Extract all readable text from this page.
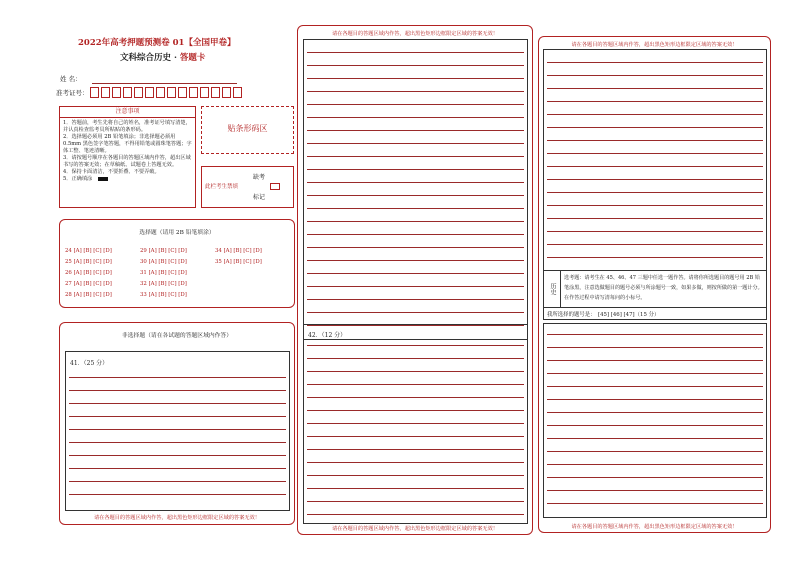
2022年高考押题预测卷 01【全国甲卷】
文科综合历史 · 答题卡
姓 名：
准考证号：
注意事项
1．答题前，考生先将自己的姓名，准考证号填写清楚，并认真检查监考员所粘贴的条形码。
2．选择题必须用 2B 铅笔填涂；非选择题必须用 0.5mm 黑色签字笔答题，不得用铅笔或圆珠笔答题；字体工整、笔迹清晰。
3．请按题号顺序在各题目的答题区域内作答，超出区域书写的答案无效；在草稿纸、试题卷上答题无效。
4．保持卡面清洁，不要折叠、不要弄破。
5．正确填涂
贴条形码区
此栏考生禁填
缺考
标记
选择题（请用 2B 铅笔填涂）
24 [A] [B] [C] [D]
25 [A] [B] [C] [D]
26 [A] [B] [C] [D]
27 [A] [B] [C] [D]
28 [A] [B] [C] [D]
29 [A] [B] [C] [D]
30 [A] [B] [C] [D]
31 [A] [B] [C] [D]
32 [A] [B] [C] [D]
33 [A] [B] [C] [D]
34 [A] [B] [C] [D]
35 [A] [B] [C] [D]
非选择题（请在各试题的答题区域内作答）
41．（25 分）
请在各题目的答题区域内作答，超出黑色矩形边框限定区域的答案无效！
请在各题目的答题区域内作答，超出黑色矩形边框限定区域的答案无效！
42．（12 分）
请在各题目的答题区域内作答，超出黑色矩形边框限定区域的答案无效！
请在各题目的答题区域内作答，超出黑色矩形边框限定区域的答案无效！
历史
选考题：请考生在 45、46、47 三题中任选一题作答。请将你所选题目的题号用 2B 铅笔涂黑，注意选做题目的题号必须与所涂题号一致，如果多做，则按所做的第一题计分。在作答过程中请写清每问的小标号。
我所选择的题号是： [45] [46] [47]（15 分）
请在各题目的答题区域内作答，超出黑色矩形边框限定区域的答案无效！
